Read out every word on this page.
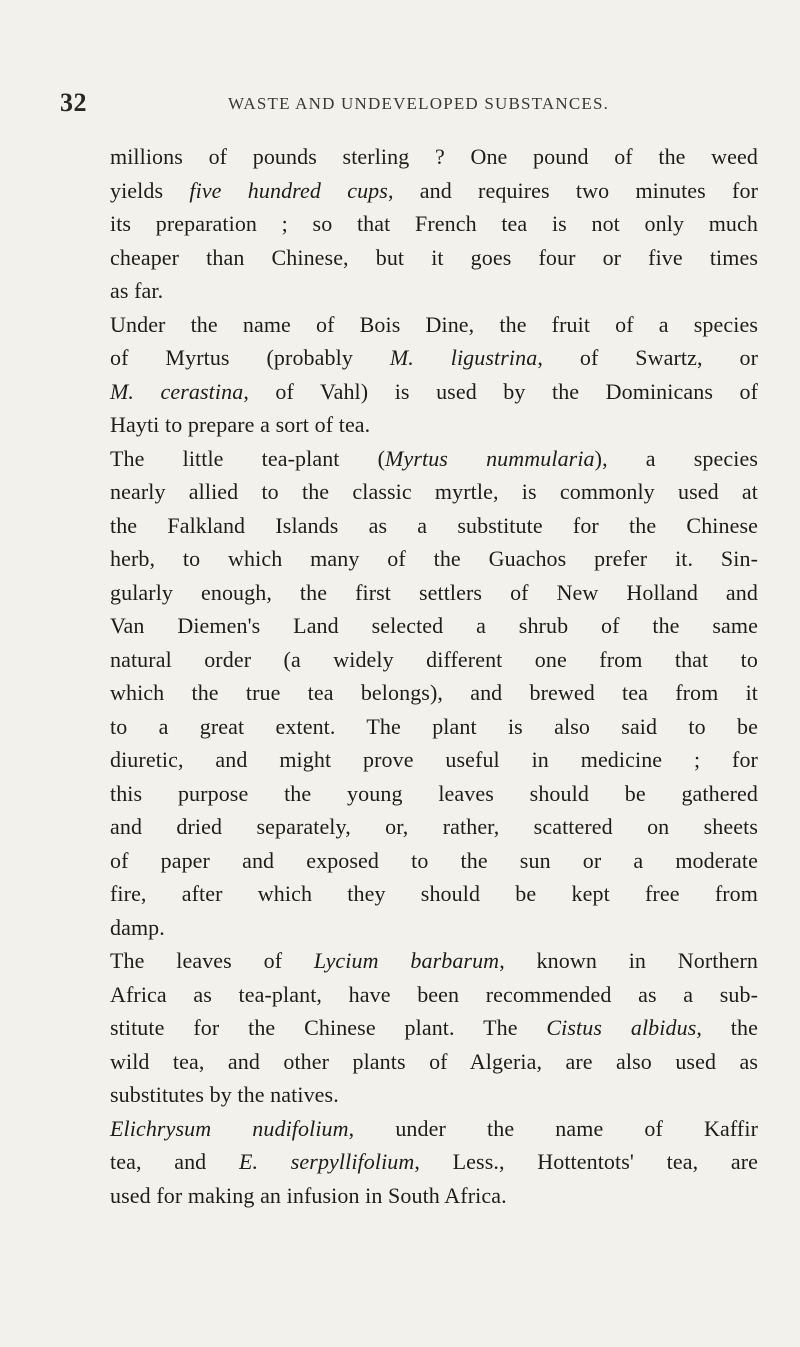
32	WASTE AND UNDEVELOPED SUBSTANCES.
millions of pounds sterling ? One pound of the weed
yields five hundred cups, and requires two minutes for
its preparation ; so that French tea is not only much
cheaper than Chinese, but it goes four or five times
as far.
Under the name of Bois Dine, the fruit of a species
of Myrtus (probably M. ligustrina, of Swartz, or
M. cerastina, of Vahl) is used by the Dominicans of
Hayti to prepare a sort of tea.
The little tea-plant (Myrtus nummularia), a species
nearly allied to the classic myrtle, is commonly used at
the Falkland Islands as a substitute for the Chinese
herb, to which many of the Guachos prefer it. Sin-
gularly enough, the first settlers of New Holland and
Van Diemen's Land selected a shrub of the same
natural order (a widely different one from that to
which the true tea belongs), and brewed tea from it
to a great extent. The plant is also said to be
diuretic, and might prove useful in medicine ; for
this purpose the young leaves should be gathered
and dried separately, or, rather, scattered on sheets
of paper and exposed to the sun or a moderate
fire, after which they should be kept free from
damp.
The leaves of Lycium barbarum, known in Northern
Africa as tea-plant, have been recommended as a sub-
stitute for the Chinese plant. The Cistus albidus, the
wild tea, and other plants of Algeria, are also used as
substitutes by the natives.
Elichrysum nudifolium, under the name of Kaffir
tea, and E. serpyllifolium, Less., Hottentots' tea, are
used for making an infusion in South Africa.
